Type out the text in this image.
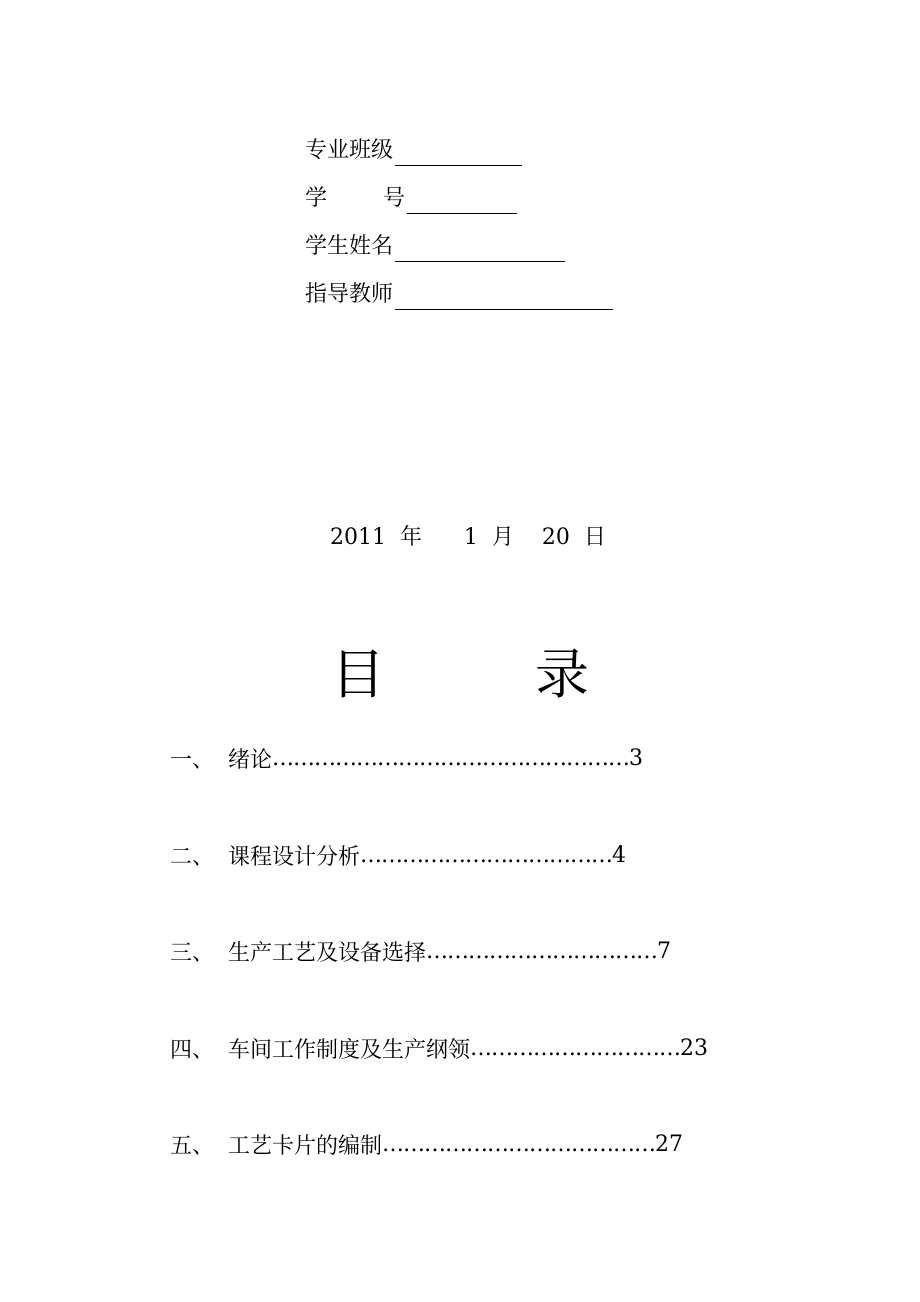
专业班级
学        号
学生姓名
指导教师
2011  年      1  月    20  日
目	录
一、 绪论 …………………………………………… 3
二、 课程设计分析 ……………………………… 4
三、 生产工艺及设备选择 …………………………… 7
四、 车间工作制度及生产纲领 ………………………… 23
五、 工艺卡片的编制 ………………………………… 27
